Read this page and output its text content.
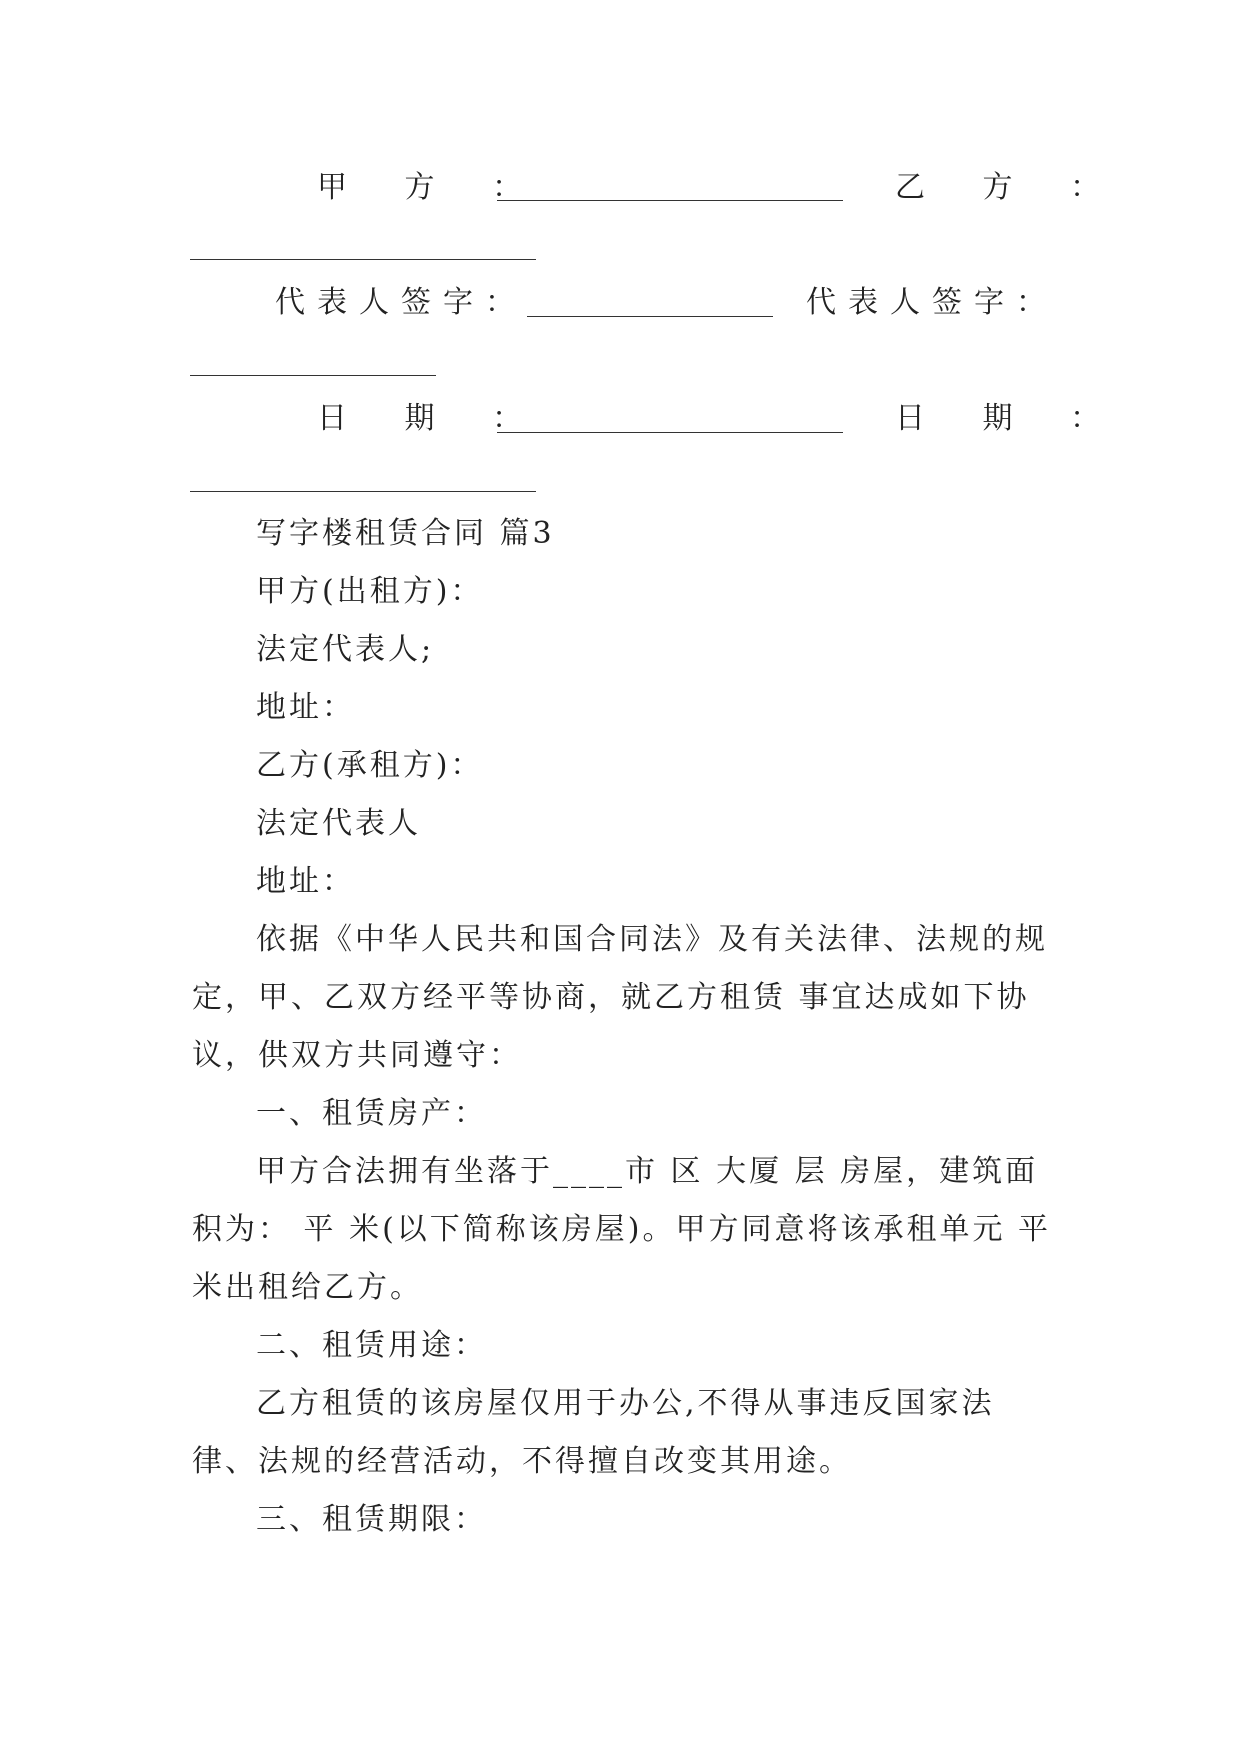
甲 方 ：	乙 方 ：
代表人签字：	代表人签字：
日 期 ：	日 期 ：
写字楼租赁合同 篇3
甲方(出租方)：
法定代表人;
地址：
乙方(承租方)：
法定代表人
地址：
依据《中华人民共和国合同法》及有关法律、法规的规定，甲、乙双方经平等协商，就乙方租赁 事宜达成如下协议，供双方共同遵守：
一、租赁房产：
甲方合法拥有坐落于____市 区 大厦 层 房屋，建筑面积为： 平 米(以下简称该房屋)。甲方同意将该承租单元 平米出租给乙方。
二、租赁用途：
乙方租赁的该房屋仅用于办公,不得从事违反国家法律、法规的经营活动，不得擅自改变其用途。
三、租赁期限：
